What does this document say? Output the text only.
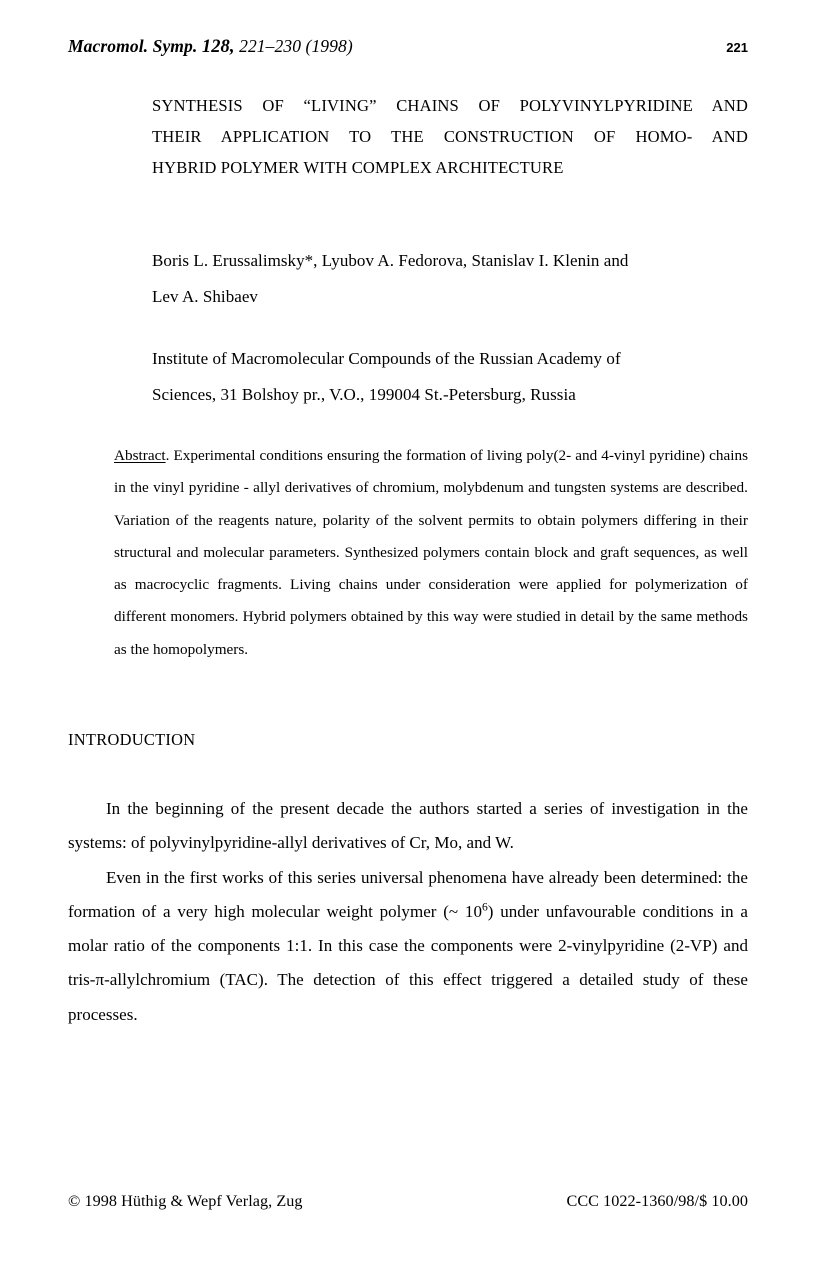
Macromol. Symp. 128, 221–230 (1998)	221
SYNTHESIS OF “LIVING” CHAINS OF POLYVINYLPYRIDINE AND
THEIR APPLICATION TO THE CONSTRUCTION OF HOMO- AND
HYBRID POLYMER WITH COMPLEX ARCHITECTURE
Boris L. Erussalimsky*, Lyubov A. Fedorova, Stanislav I. Klenin and
Lev A. Shibaev
Institute of Macromolecular Compounds of the Russian Academy of
Sciences, 31 Bolshoy pr., V.O., 199004 St.-Petersburg, Russia

Abstract. Experimental conditions ensuring the formation of living poly(2- and 4-vinyl pyridine) chains in the vinyl pyridine - allyl derivatives of chromium, molybdenum and tungsten systems are described. Variation of the reagents nature, polarity of the solvent permits to obtain polymers differing in their structural and molecular parameters. Synthesized polymers contain block and graft sequences, as well as macrocyclic fragments. Living chains under consideration were applied for polymerization of different monomers. Hybrid polymers obtained by this way were studied in detail by the same methods as the homopolymers.

INTRODUCTION

In the beginning of the present decade the authors started a series of investigation in the systems: of polyvinylpyridine-allyl derivatives of Cr, Mo, and W.

Even in the first works of this series universal phenomena have already been determined: the formation of a very high molecular weight polymer (~ $10^6$) under unfavourable conditions in a molar ratio of the components 1:1. In this case the components were 2-vinylpyridine (2-VP) and tris-π-allylchromium (TAC). The detection of this effect triggered a detailed study of these processes.

© 1998 Hüthig & Wepf Verlag, Zug	CCC 1022-1360/98/$ 10.00
